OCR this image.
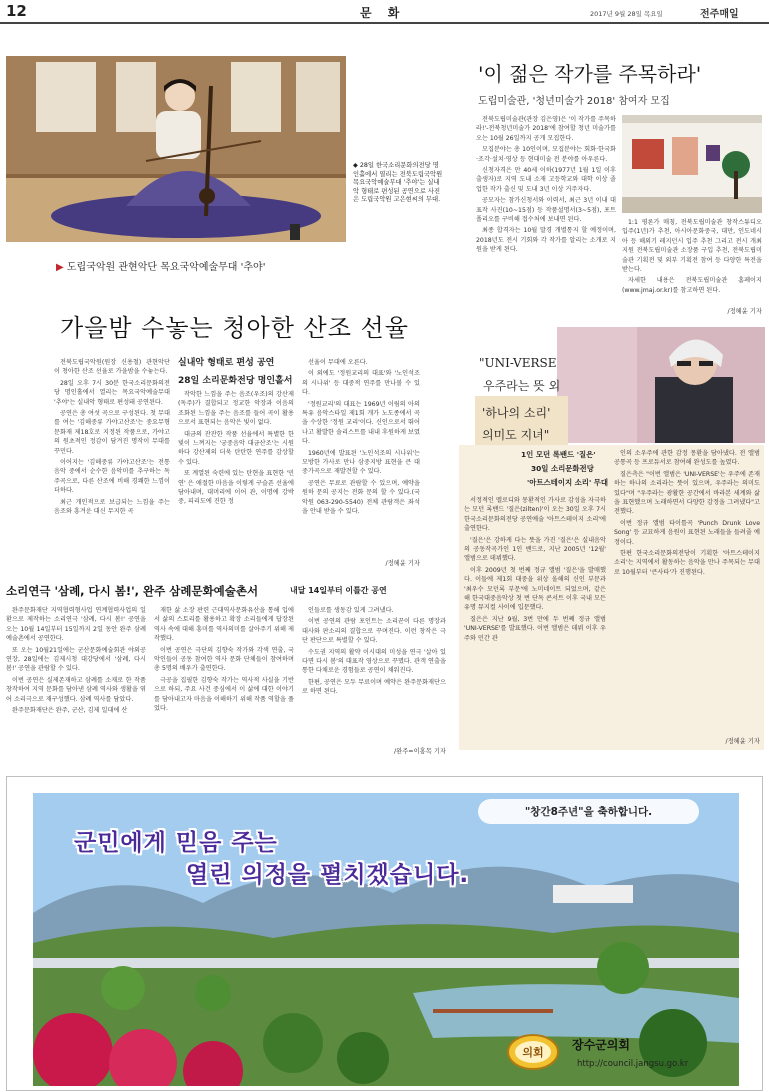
12	문 화	2017년 9월 28일 목요일	전주매일
◆ 28일 한국소리문화의전당 명인홀에서 열리는 전북도립국악원 목요국악예술무대 '추야'는 실내악 형태로 편성된 공연으로 사진은 도립국악원 고은현씨의 무대.
▶ 도립국악원 관현악단 목요국악예술무대 '추야'
가을밤 수놓는 청아한 산조 선율
실내악 형태로 편성 공연
28일 소리문화전당 명인홀서

전북도립국악원(원장 신용철) 관현악단이 청아한 산조 선율로 가을밤을 수놓는다.

28일 오후 7시 30분 한국소리문화의전당 명인홀에서 열리는 목요국악예술무대 '추야'는 실내악 형태로 편성돼 공연된다.

공연은 총 여섯 곡으로 구성된다. 첫 무대를 여는 '김해중류 가야고산조'는 중요무형문화재 제18호로 지정된 작품으로, 가야고의 원초적인 정감이 담겨진 명작이 무대를 꾸민다.

이어지는 '김해중류 가야고산조'는 전통음악 중에서 순수한 음악미를 추구하는 독주곡으로, 다른 산조에 비해 경쾌한 느낌이 더하다.

최근 개인적으로 보급되는 느낌을 주는 음조와 흥겨운 대신 무지한 곡

작악한 느낌을 주는 음조(우조)의 강산제(독주)가 결합되고 정교한 악장과 이음의 조화된 느낌을 주는 음조를 들어 곡이 활용으로서 표현되는 음악은 빛이 없다.

대금의 잔잔한 작품 선율에서 특별한 한 빛이 느껴지는 '궁중음악 대금산조'는 시원하다 강산제의 더욱 탄탄한 연주를 감상할 수 있다.

또 계열된 숙련에 있는 탄현을 표현한 '민연' 은 애절한 마음을 이렇게 구슬픈 선율에 담아내며, 대머리에 이어 관, 이명에 강박중, 피리도에 진한 정

선율이 무대에 오른다.

이 외에도 '정원교리의 대표'와 '노인석조의 시나위' 등 대중적 연주를 만나볼 수 있다.

'정원교리'의 대표는 1969년 이림의 아의 특유 음악스타일 제1회 개가 노도종에서 곡을 수상한 '정원 교리'이다. 신인으로서 뛰어나고 활발한 솔리스트를 내내 후원하게 보였다.

1960년에 발표된 '노인석조의 시나위'는 모방한 가사로 만나 삼중지방 표현을 큰 대중가곡으로 재발견할 수 있다.

공연은 무료로 관람할 수 있으며, 예약을 원하 문의 공지는 전화 문의 할 수 있다.(국악원 063-290-5540) 전체 관람객은 좌석을 안내 받을 수 있다.

/정혜윤 기자
'이 젊은 작가를 주목하라'
도립미술관, '청년미술가 2018' 참여자 모집

전북도립미술관(관장 김은영)은 '이 작가를 주목하라!'-전북청년미술가 2018'에 참여할 청년 미술가를 오는 10월 26일까지 공개 모집한다.

모집분야는 총 10인이며, 모집분야는 회화·한국화·조각·설치·영상 등 현대미술 전 분야를 아우른다.

신청자격은 만 40세 이하(1977년 1월 1일 이후 출생자)로 지역 도내 소재 고등학교와 대학 이상 졸업한 작가 출신 및 도내 3년 이상 거주자다.

공모자는 참가신청서와 이력서, 최근 3년 이내 대표작 사진(10~15점) 등 작품설명서(3~5점), 포트폴리오를 구비해 접수처에 보내면 된다.

최종 합격자는 10월 말경 개별통지 할 예정이며, 2018년도 전시 기회와 각 작가를 알리는 소개로 지원을 받게 된다.

1:1 평론가 매칭, 전북도립미술관 창작스튜디오 입주(1년)가 추천, 아시아문화중국, 대만, 인도네시아 등 해외기 레지던시 입주 추천 그리고 전시 개최 지원 전북도립미술관 소장품 구입 추천, 전북도립미술관 기획전 및 외부 기획전 참여 등 다양한 특전을 받는다.

자세한 내용은 전북도립미술관 홈페이지(www.jmaj.or.kr)를 참고하면 된다.

/정혜윤 기자
"UNI-VERSE
우주라는 뜻 외
'하나의 소리'
의미도 지녀"
1인 모던 록밴드 '질은'
30일 소리문화전당
'아트스테이지 소리' 무대

서정적인 멜로디와 몽환적인 가사로 감성을 자극하는 모던 록밴드 '질은(zilten)'이 오는 30일 오후 7시 한국소리문화의전당 공연예술 '아트스테이지 소리'에 출연한다.

'질은'은 강하게 다는 뜻을 가진 '질은'은 실내음악의 공동작곡가인 1인 밴드로, 지난 2005년 '12월' 앨범으로 데뷔했다.

이후 2009년 첫 번째 정규 앨범 '질은'을 발매했다. 이들에 제1회 대중을 위상 올해의 신인 부문과 '최우수 모던록 부문'에 노미네이트 되었으며, 같은 해 한국대중음악상 첫 번 단독 콘서트 이후 국내 모든 유명 뮤지컬 사이에 입문했다.

질은은 지난 9월, 3번 만에 두 번째 정규 앨범 'UNI-VERSE'를 발표했다. 이번 앨범은 데뷔 이후 우주와 민간 관

인의 소우주에 관한 감정 몽환을 담아냈다. 전 앨범 공통곡 등 프로듀서로 참여해 완성도를 높였다.

질은측은 "이번 앨범은 'UNI-VERSE'는 우주에 존재하는 하나의 소리라는 뜻이 있으며, 우주라는 의미도 있다"며 "우주라는 광활한 공간에서 바라본 세계와 삶을 표현했으며 노래하면서 다양한 감정을 그려냈다"고 전했다.

이번 정규 앨범 타이틀곡 'Punch Drunk Love Song' 등 교묘하게 음원이 표현된 노래들을 들려줄 예정이다.

한편 한국소리문화의전당이 기획한 '아트스테이지 소리'는 지역에서 활동하는 음악을 만나 주목되는 무대로 10월부터 '큰사타'가 진행된다.

/정혜윤 기자
소리연극 '삼례, 다시 봄!', 완주 삼례문화예술촌서	내달 14일부터 이틀간 공연

완주문화재단 지역협력형사업 연계협력사업의 일환으로 제작하는 소리연극 '삼례, 다시 봄!' 공연을 오는 10월 14일부터 15일까지 2일 동안 완주 삼례예술촌에서 공연한다.

또 오는 10월21일에는 군산문화예술회관 야외공연장, 28일에는 김제시청 대강당에서 '삼례, 다시 봄!' 공연을 관람할 수 있다.

이번 공연은 실제존재하고 삼례를 소재로 한 작품 창작하여 지역 문화를 담아낸 삼례 역사와 생활을 엮어 소리극으로 재구성했다. 삼례 역사를 담았다.

완주문화재단은 완주, 군산, 김제 일대에 산

재한 삶 소장 판련 근대역사문화유산을 통해 입에서 삶의 스토리를 활용하고 확장 소리들에게 답장된 역사 속에 대해 흥미를 역사의미를 살아주기 위해 제작했다.

이번 공연은 극단의 김향숙 작가와 각색 연출, 국악인들이 공동 참여한 역사 문화 단체들이 참여하며 총 5명의 배우가 출연한다.

극공을 집필한 김향숙 작가는 역사적 사실을 기반으로 하되, 주요 사건 중심에서 이 삶에 대한 이야기를 담아내고자 마음을 이해하기 위해 작품 역할을 풀었다.

인들로를 생동감 있게 그려냈다.

이번 공연의 관람 포인트는 소리꾼이 다른 명장과 대사와 판소리의 결합으로 꾸며진다. 이런 창작은 극단 판단으로 특별할 수 있다.

수도권 지역의 활약 이시대의 미성을 연극 '살아 있다면 다시 봄'의 대표작 영상으로 꾸몄다. 관객 연출을 통한 다채로운 경험들로 공연이 채워진다.

한편, 공연은 모두 무료이며 예약은 완주문화재단으로 하면 된다.

/완주=이홍목 기자
"창간8주년"을 축하합니다.
군민에게 믿음 주는
열린 의정을 펼치겠습니다.
의회
장수군의회
http://council.jangsu.go.kr
